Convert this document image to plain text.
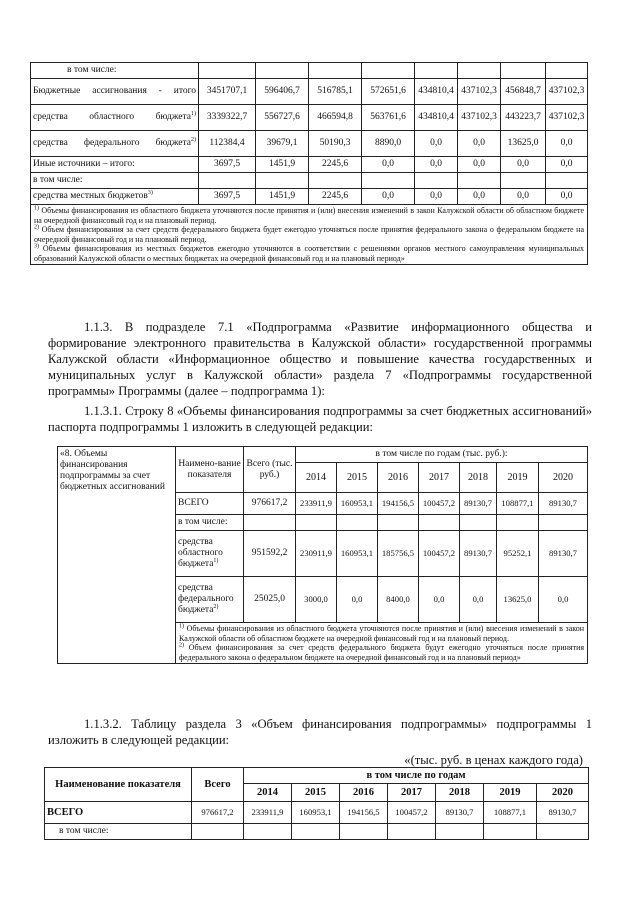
в том числе:								
Бюджетные ассигнования - итого	3451707,1	596406,7	516785,1	572651,6	434810,4	437102,3	456848,7	437102,3
средства областного бюджета$^{1)}$	3339322,7	556727,6	466594,8	563761,6	434810,4	437102,3	443223,7	437102,3
средства федерального бюджета$^{2)}$	112384,4	39679,1	50190,3	8890,0	0,0	0,0	13625,0	0,0
Иные источники – итого:	3697,5	1451,9	2245,6	0,0	0,0	0,0	0,0	0,0
в том числе:								
средства местных бюджетов$^{3)}$	3697,5	1451,9	2245,6	0,0	0,0	0,0	0,0	0,0

$^{1)}$ Объемы финансирования из областного бюджета уточняются после принятия и (или) внесения изменений в закон Калужской области об областном бюджете на очередной финансовый год и на плановый период.

$^{2)}$ Объем финансирования за счет средств федерального бюджета будет ежегодно уточняться после принятия федерального закона о федеральном бюджете на очередной финансовый год и на плановый период.

$^{3)}$ Объемы финансирования из местных бюджетов ежегодно уточняются в соответствии с решениями органов местного самоуправления муниципальных образований Калужской области о местных бюджетах на очередной финансовый год и на плановый период»								

1.1.3. В подразделе 7.1 «Подпрограмма «Развитие информационного общества и формирование электронного правительства в Калужской области» государственной программы Калужской области «Информационное общество и повышение качества государственных и муниципальных услуг в Калужской области» раздела 7 «Подпрограммы государственной программы» Программы (далее – подпрограмма 1):

1.1.3.1. Строку 8 «Объемы финансирования подпрограммы за счет бюджетных ассигнований» паспорта подпрограммы 1 изложить в следующей редакции:

«8. Объемы финансирования подпрограммы за счет бюджетных ассигнований	Наимено-вание показателя	Всего (тыс. руб.)	в том числе по годам (тыс. руб.):						
			2014	2015	2016	2017	2018	2019	2020
	ВСЕГО	976617,2	233911,9	160953,1	194156,5	100457,2	89130,7	108877,1	89130,7
	в том числе:								
	средства областного бюджета$^{1)}$	951592,2	230911,9	160953,1	185756,5	100457,2	89130,7	95252,1	89130,7
	средства федерального бюджета$^{2)}$	25025,0	3000,0	0,0	8400,0	0,0	0,0	13625,0	0,0

	$^{1)}$ Объемы финансирования из областного бюджета уточняются после принятия и (или) внесения изменений в закон Калужской области об областном бюджете на очередной финансовый год и на плановый период.

$^{2)}$ Объем финансирования за счет средств федерального бюджета будут ежегодно уточняться после принятия федерального закона о федеральном бюджете на очередной финансовый год и на плановый период»								

1.1.3.2. Таблицу раздела 3 «Объем финансирования подпрограммы» подпрограммы 1 изложить в следующей редакции:

«(тыс. руб. в ценах каждого года)
Наименование показателя	Всего	в том числе по годам						
		2014	2015	2016	2017	2018	2019	2020
ВСЕГО	976617,2	233911,9	160953,1	194156,5	100457,2	89130,7	108877,1	89130,7
в том числе:								
